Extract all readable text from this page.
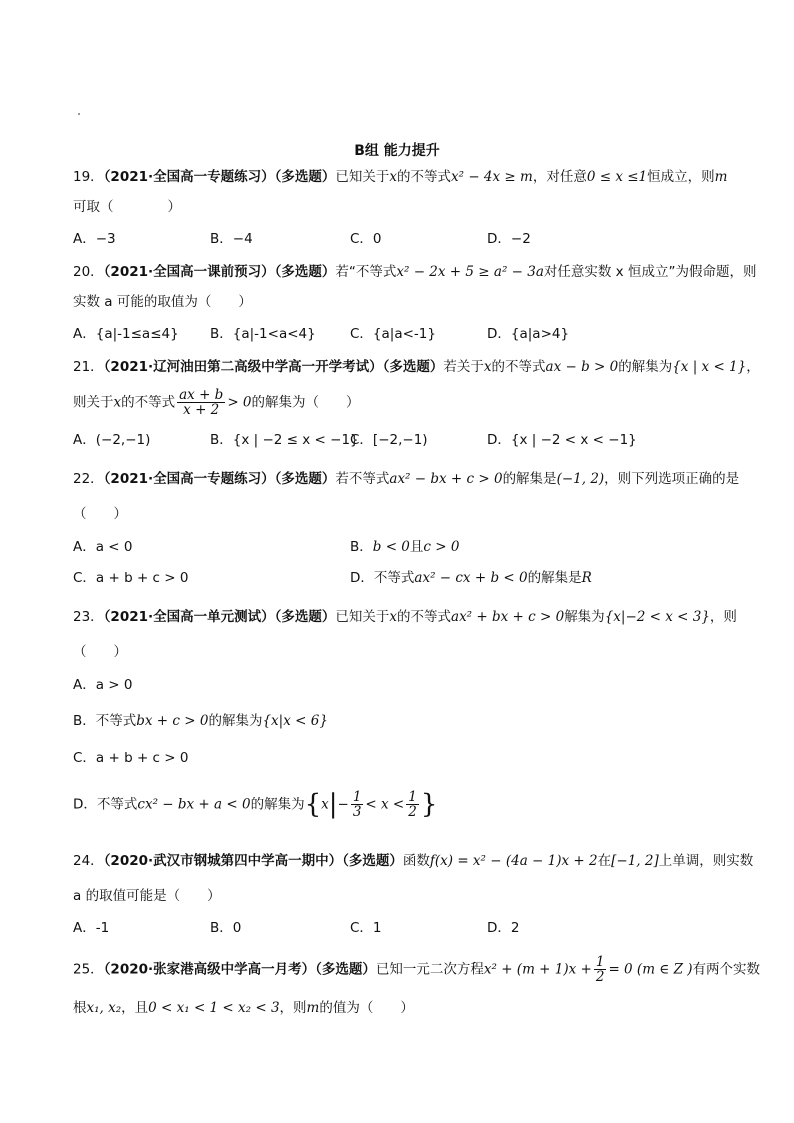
B组 能力提升
19．（2021·全国高一专题练习）（多选题）已知关于x的不等式x² − 4x ≥ m，对任意0 ≤ x ≤1恒成立，则m
可取（　　　　）
A．−3	B．−4	C．0	D．−2
20．（2021·全国高一课前预习）（多选题）若“不等式x² − 2x + 5 ≥ a² − 3a对任意实数 x 恒成立”为假命题，则
实数 a 可能的取值为（　　）
A．{a|-1≤a≤4} B．{a|-1<a<4}	C．{a|a<-1}	D．{a|a>4}
21．（2021·辽河油田第二高级中学高一开学考试）（多选题）若关于x的不等式ax − b > 0的解集为{x | x < 1}，
则关于x的不等式 $\frac{ax + b}{x + 2} > 0$的解集为（　　）
A．(−2,−1)	B．{x | −2 ≤ x < −1}
C．[−2,−1)	D．{x | −2 < x < −1}
22．（2021·全国高一专题练习）（多选题）若不等式ax² − bx + c > 0的解集是(−1, 2)，则下列选项正确的是
（　　）
A．a < 0	B．b < 0且c > 0
C．a + b + c > 0	D．不等式ax² − cx + b < 0的解集是R
23．（2021·全国高一单元测试）（多选题）已知关于x的不等式ax² + bx + c > 0解集为{x|−2 < x < 3}，则
（　　）
A．a > 0
B．不等式bx + c > 0的解集为{x|x < 6}
C．a + b + c > 0
D．不等式cx² − bx + a < 0的解集为{$x|- \frac{1}{3} < x < \frac{1}{2}$ }
24．（2020·武汉市钢城第四中学高一期中）（多选题）函数f(x) = x² − (4a − 1)x + 2在[−1, 2]上单调，则实数
a 的取值可能是（　　）
A．-1	B．0	C．1	D．2
25．（2020·张家港高级中学高一月考）（多选题）已知一元二次方程$x^2 + (m + 1)x + \frac{1}{2} = 0$ (m ∈ Z )有两个实数
根x₁, x₂，且0 < x₁ < 1 < x₂ < 3，则m的值为（　　）
